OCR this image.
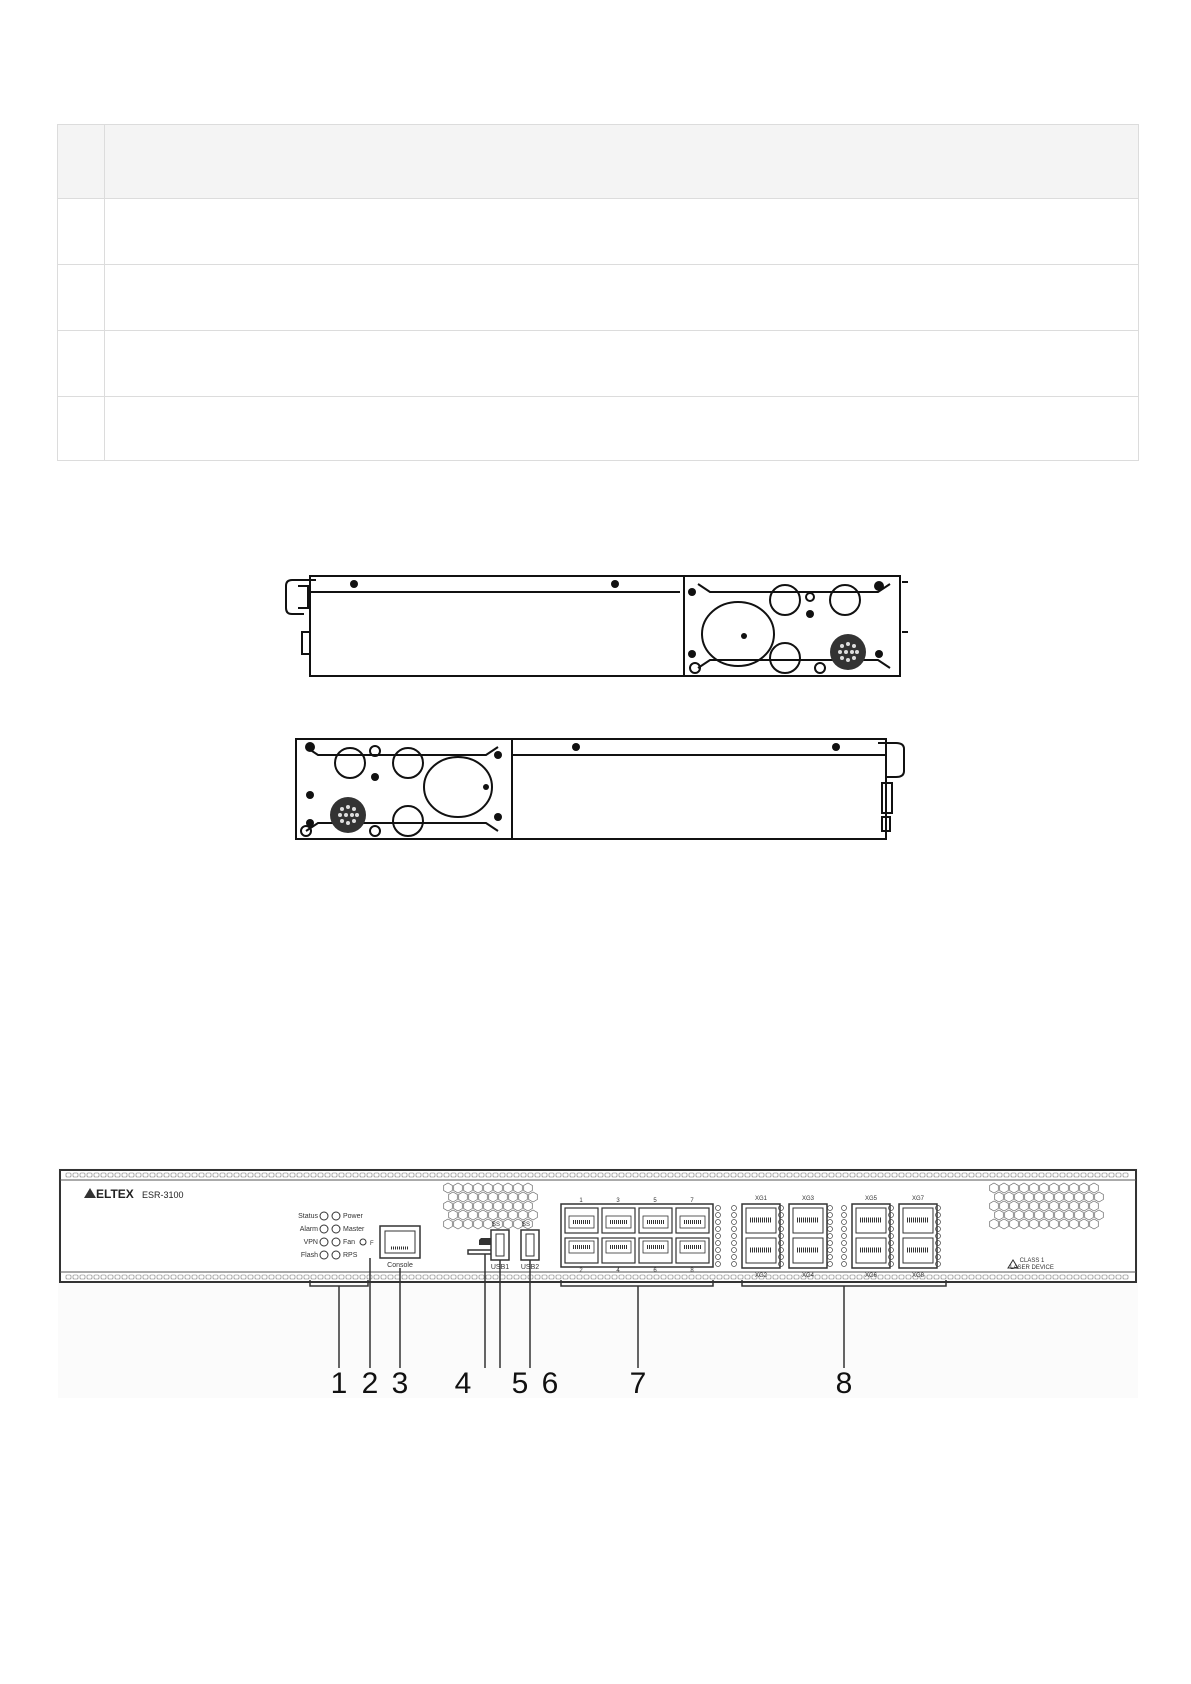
ELTEX ESR-3100
Status
Alarm
VPN
Flash
Power
Master
Fan
RPS
F
Console
SS
USB1
SS
USB2
1
2
3
4
5
6
7
8
XG1
XG2
XG3
XG4
XG5
XG6
XG7
XG8
CLASS 1
LASER DEVICE
1 2 3 4 5 6 7	8
